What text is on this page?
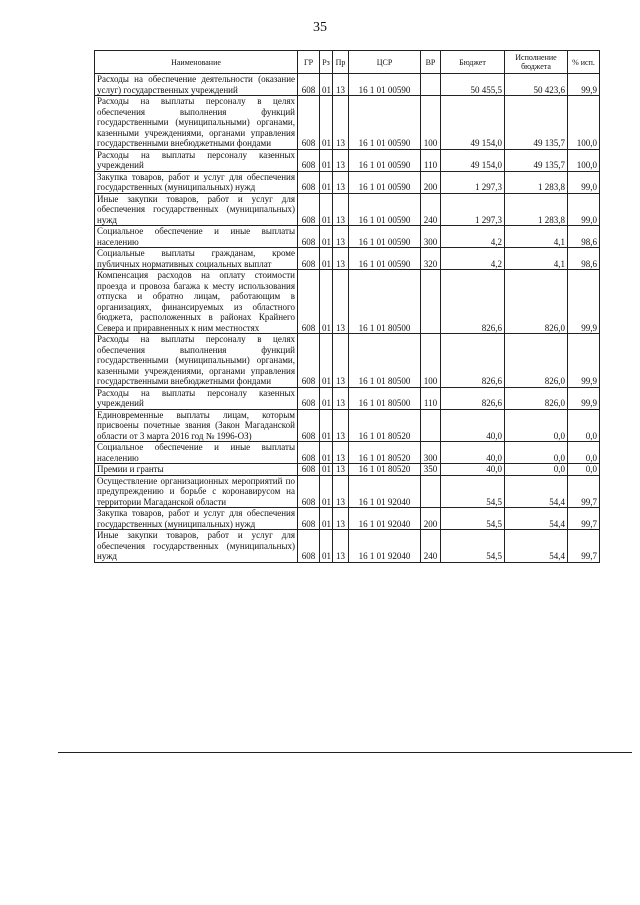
35
Наименование	ГР	Рз	Пр	ЦСР	ВР	Бюджет	Исполнение бюджета	% исп.
Расходы на обеспечение деятельности (оказание услуг) государственных учреждений	608	01	13	16 1 01 00590		50 455,5	50 423,6	99,9
Расходы на выплаты персоналу в целях обеспечения выполнения функций государственными (муниципальными) органами, казенными учреждениями, органами управления государственными внебюджетными фондами	608	01	13	16 1 01 00590	100	49 154,0	49 135,7	100,0
Расходы на выплаты персоналу казенных учреждений	608	01	13	16 1 01 00590	110	49 154,0	49 135,7	100,0
Закупка товаров, работ и услуг для обеспечения государственных (муниципальных) нужд	608	01	13	16 1 01 00590	200	1 297,3	1 283,8	99,0
Иные закупки товаров, работ и услуг для обеспечения государственных (муниципальных) нужд	608	01	13	16 1 01 00590	240	1 297,3	1 283,8	99,0
Социальное обеспечение и иные выплаты населению	608	01	13	16 1 01 00590	300	4,2	4,1	98,6
Социальные выплаты гражданам, кроме публичных нормативных социальных выплат	608	01	13	16 1 01 00590	320	4,2	4,1	98,6
Компенсация расходов на оплату стоимости проезда и провоза багажа к месту использования отпуска и обратно лицам, работающим в организациях, финансируемых из областного бюджета, расположенных в районах Крайнего Севера и приравненных к ним местностях	608	01	13	16 1 01 80500		826,6	826,0	99,9
Расходы на выплаты персоналу в целях обеспечения выполнения функций государственными (муниципальными) органами, казенными учреждениями, органами управления государственными внебюджетными фондами	608	01	13	16 1 01 80500	100	826,6	826,0	99,9
Расходы на выплаты персоналу казенных учреждений	608	01	13	16 1 01 80500	110	826,6	826,0	99,9
Единовременные выплаты лицам, которым присвоены почетные звания (Закон Магаданской области от 3 марта 2016 год № 1996-ОЗ)	608	01	13	16 1 01 80520		40,0	0,0	0,0
Социальное обеспечение и иные выплаты населению	608	01	13	16 1 01 80520	300	40,0	0,0	0,0
Премии и гранты	608	01	13	16 1 01 80520	350	40,0	0,0	0,0
Осуществление организационных мероприятий по предупреждению и борьбе с коронавирусом на территории Магаданской области	608	01	13	16 1 01 92040		54,5	54,4	99,7
Закупка товаров, работ и услуг для обеспечения государственных (муниципальных) нужд	608	01	13	16 1 01 92040	200	54,5	54,4	99,7
Иные закупки товаров, работ и услуг для обеспечения государственных (муниципальных) нужд	608	01	13	16 1 01 92040	240	54,5	54,4	99,7
